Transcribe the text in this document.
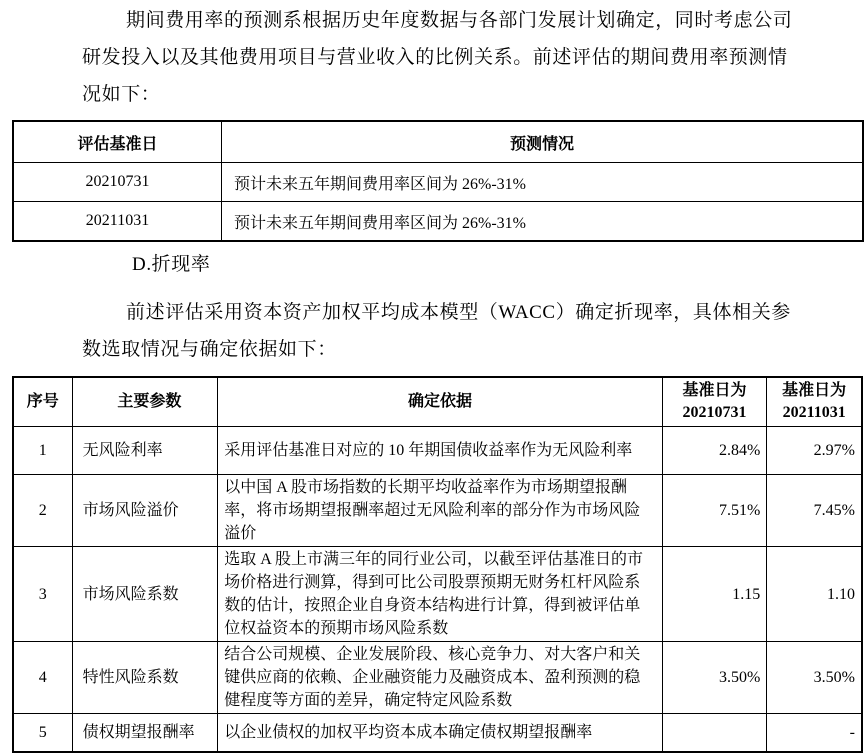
期间费用率的预测系根据历史年度数据与各部门发展计划确定，同时考虑公司研发投入以及其他费用项目与营业收入的比例关系。前述评估的期间费用率预测情况如下：
评估基准日	预测情况
20210731	预计未来五年期间费用率区间为 26%-31%
20211031	预计未来五年期间费用率区间为 26%-31%
D.折现率
前述评估采用资本资产加权平均成本模型（WACC）确定折现率，具体相关参数选取情况与确定依据如下：
序号	主要参数	确定依据	基准日为 20210731	基准日为 20211031
1	无风险利率	采用评估基准日对应的 10 年期国债收益率作为无风险利率	2.84%	2.97%
2	市场风险溢价	以中国 A 股市场指数的长期平均收益率作为市场期望报酬率，将市场期望报酬率超过无风险利率的部分作为市场风险溢价	7.51%	7.45%
3	市场风险系数	选取 A 股上市满三年的同行业公司，以截至评估基准日的市场价格进行测算，得到可比公司股票预期无财务杠杆风险系数的估计，按照企业自身资本结构进行计算，得到被评估单位权益资本的预期市场风险系数	1.15	1.10
4	特性风险系数	结合公司规模、企业发展阶段、核心竞争力、对大客户和关键供应商的依赖、企业融资能力及融资成本、盈利预测的稳健程度等方面的差异，确定特定风险系数	3.50%	3.50%
5	债权期望报酬率	以企业债权的加权平均资本成本确定债权期望报酬率		-
